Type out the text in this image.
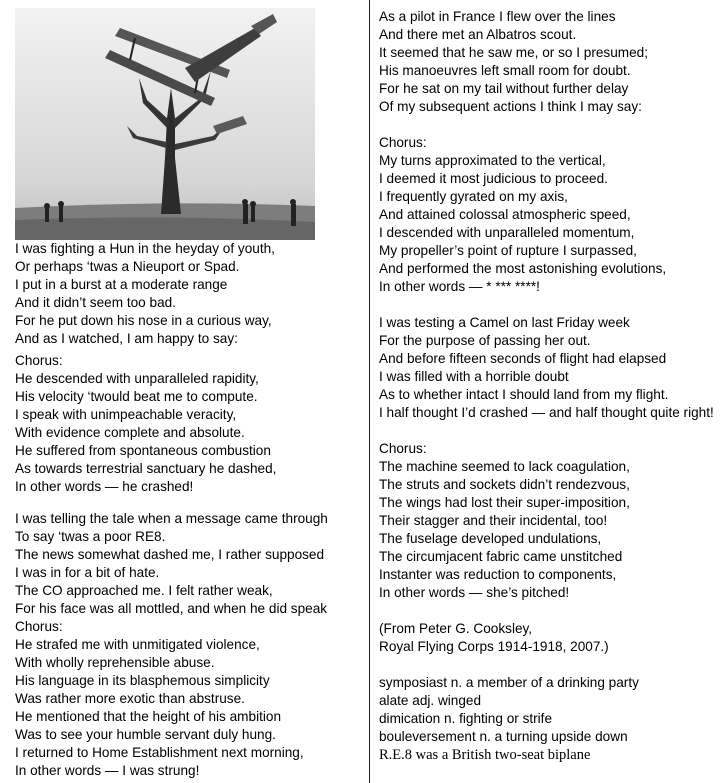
I was fighting a Hun in the heyday of youth,
Or perhaps ‘twas a Nieuport or Spad.
I put in a burst at a moderate range
And it didn’t seem too bad.
For he put down his nose in a curious way,
And as I watched, I am happy to say:
Chorus:
He descended with unparalleled rapidity,
His velocity ‘twould beat me to compute.
I speak with unimpeachable veracity,
With evidence complete and absolute.
He suffered from spontaneous combustion
As towards terrestrial sanctuary he dashed,
In other words — he crashed!
I was telling the tale when a message came through
To say ‘twas a poor RE8.
The news somewhat dashed me, I rather supposed
I was in for a bit of hate.
The CO approached me. I felt rather weak,
For his face was all mottled, and when he did speak
Chorus:
He strafed me with unmitigated violence,
With wholly reprehensible abuse.
His language in its blasphemous simplicity
Was rather more exotic than abstruse.
He mentioned that the height of his ambition
Was to see your humble servant duly hung.
I returned to Home Establishment next morning,
In other words — I was strung!
As a pilot in France I flew over the lines
And there met an Albatros scout.
It seemed that he saw me, or so I presumed;
His manoeuvres left small room for doubt.
For he sat on my tail without further delay
Of my subsequent actions I think I may say:
Chorus:
My turns approximated to the vertical,
I deemed it most judicious to proceed.
I frequently gyrated on my axis,
And attained colossal atmospheric speed,
I descended with unparalleled momentum,
My propeller’s point of rupture I surpassed,
And performed the most astonishing evolutions,
In other words — * *** ****!
I was testing a Camel on last Friday week
For the purpose of passing her out.
And before fifteen seconds of flight had elapsed
I was filled with a horrible doubt
As to whether intact I should land from my flight.
I half thought I’d crashed — and half thought quite right!
Chorus:
The machine seemed to lack coagulation,
The struts and sockets didn’t rendezvous,
The wings had lost their super-imposition,
Their stagger and their incidental, too!
The fuselage developed undulations,
The circumjacent fabric came unstitched
Instanter was reduction to components,
In other words — she’s pitched!
(From Peter G. Cooksley,
Royal Flying Corps 1914-1918, 2007.)
symposiast n. a member of a drinking party
alate adj. winged
dimication n. fighting or strife
bouleversement n. a turning upside down
R.E.8 was a British two-seat biplane
